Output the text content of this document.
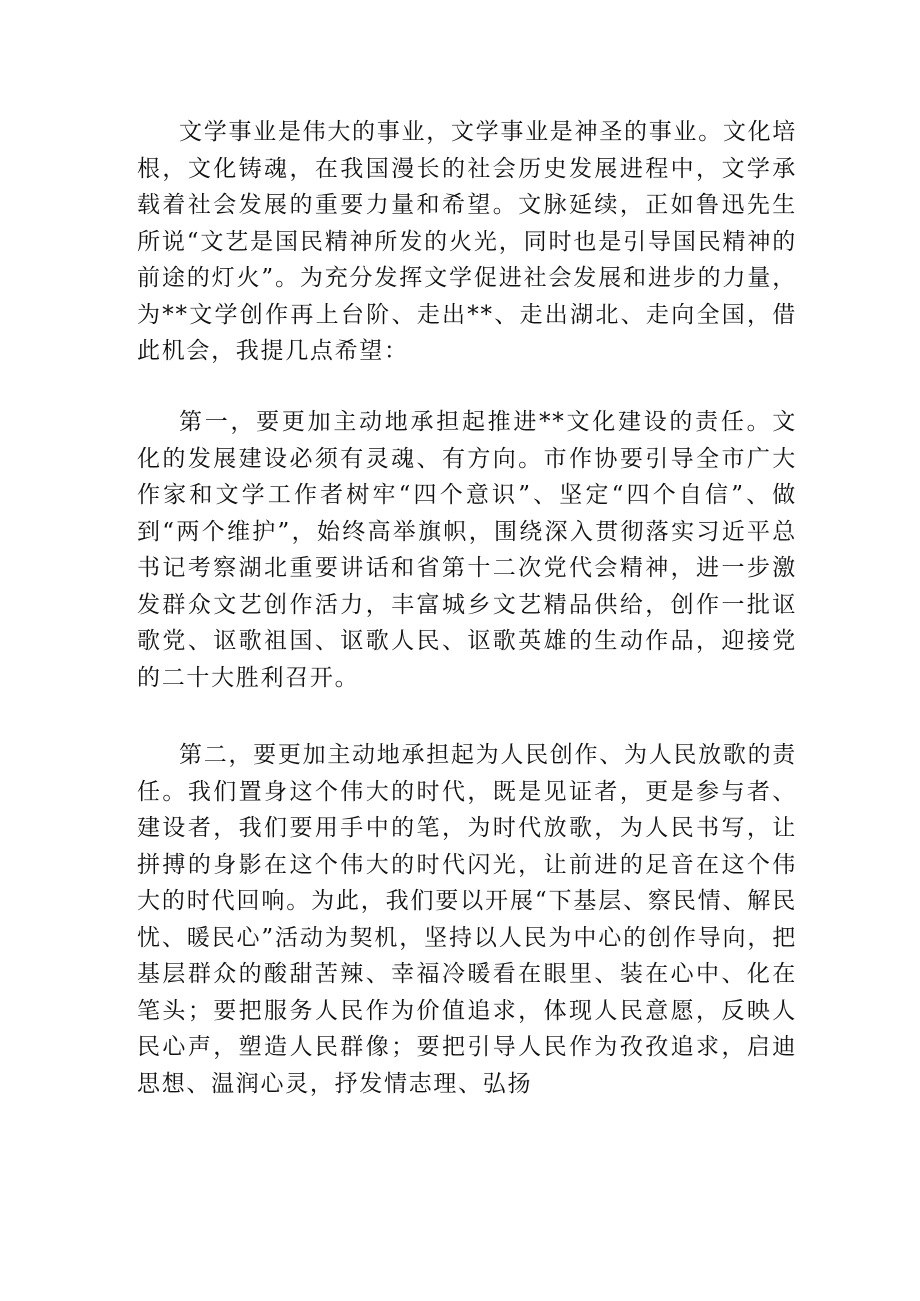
文学事业是伟大的事业，文学事业是神圣的事业。文化培根，文化铸魂，在我国漫长的社会历史发展进程中，文学承载着社会发展的重要力量和希望。文脉延续，正如鲁迅先生所说“文艺是国民精神所发的火光，同时也是引导国民精神的前途的灯火”。为充分发挥文学促进社会发展和进步的力量，为**文学创作再上台阶、走出**、走出湖北、走向全国，借此机会，我提几点希望：

第一，要更加主动地承担起推进**文化建设的责任。文化的发展建设必须有灵魂、有方向。市作协要引导全市广大作家和文学工作者树牢“四个意识”、坚定“四个自信”、做到“两个维护”，始终高举旗帜，围绕深入贯彻落实习近平总书记考察湖北重要讲话和省第十二次党代会精神，进一步激发群众文艺创作活力，丰富城乡文艺精品供给，创作一批讴歌党、讴歌祖国、讴歌人民、讴歌英雄的生动作品，迎接党的二十大胜利召开。

第二，要更加主动地承担起为人民创作、为人民放歌的责任。我们置身这个伟大的时代，既是见证者，更是参与者、建设者，我们要用手中的笔，为时代放歌，为人民书写，让拼搏的身影在这个伟大的时代闪光，让前进的足音在这个伟大的时代回响。为此，我们要以开展“下基层、察民情、解民忧、暖民心”活动为契机，坚持以人民为中心的创作导向，把基层群众的酸甜苦辣、幸福冷暖看在眼里、装在心中、化在笔头；要把服务人民作为价值追求，体现人民意愿，反映人民心声，塑造人民群像；要把引导人民作为孜孜追求，启迪思想、温润心灵，抒发情志理、弘扬
